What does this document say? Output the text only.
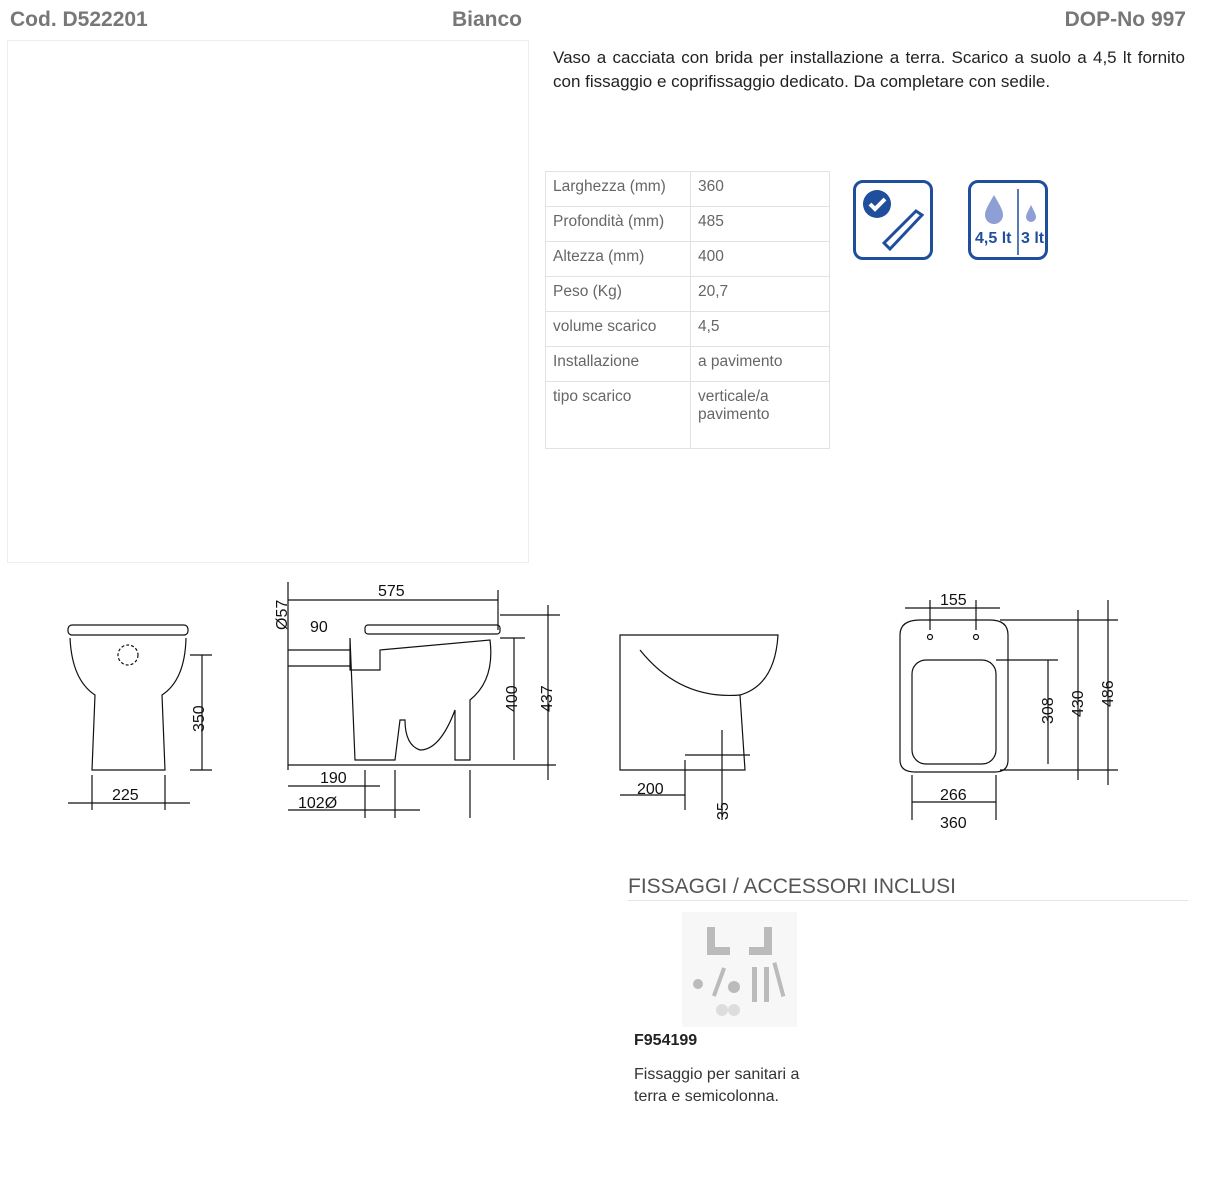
Cod. D522201	Bianco	DOP-No 997
Vaso a cacciata con brida per installazione a terra. Scarico a suolo a 4,5 lt fornito con fissaggio e coprifissaggio dedicato. Da completare con sedile.
Larghezza (mm)	360
Profondità (mm)	485
Altezza (mm)	400
Peso (Kg)	20,7
volume scarico	4,5
Installazione	a pavimento
tipo scarico	verticale/a pavimento
4,5 lt 3 lt
350
225
575
Ø57 90
400 437
190
102Ø
200
35
155
308 430 486
266
360
FISSAGGI / ACCESSORI INCLUSI
F954199
Fissaggio per sanitari a terra e semicolonna.
